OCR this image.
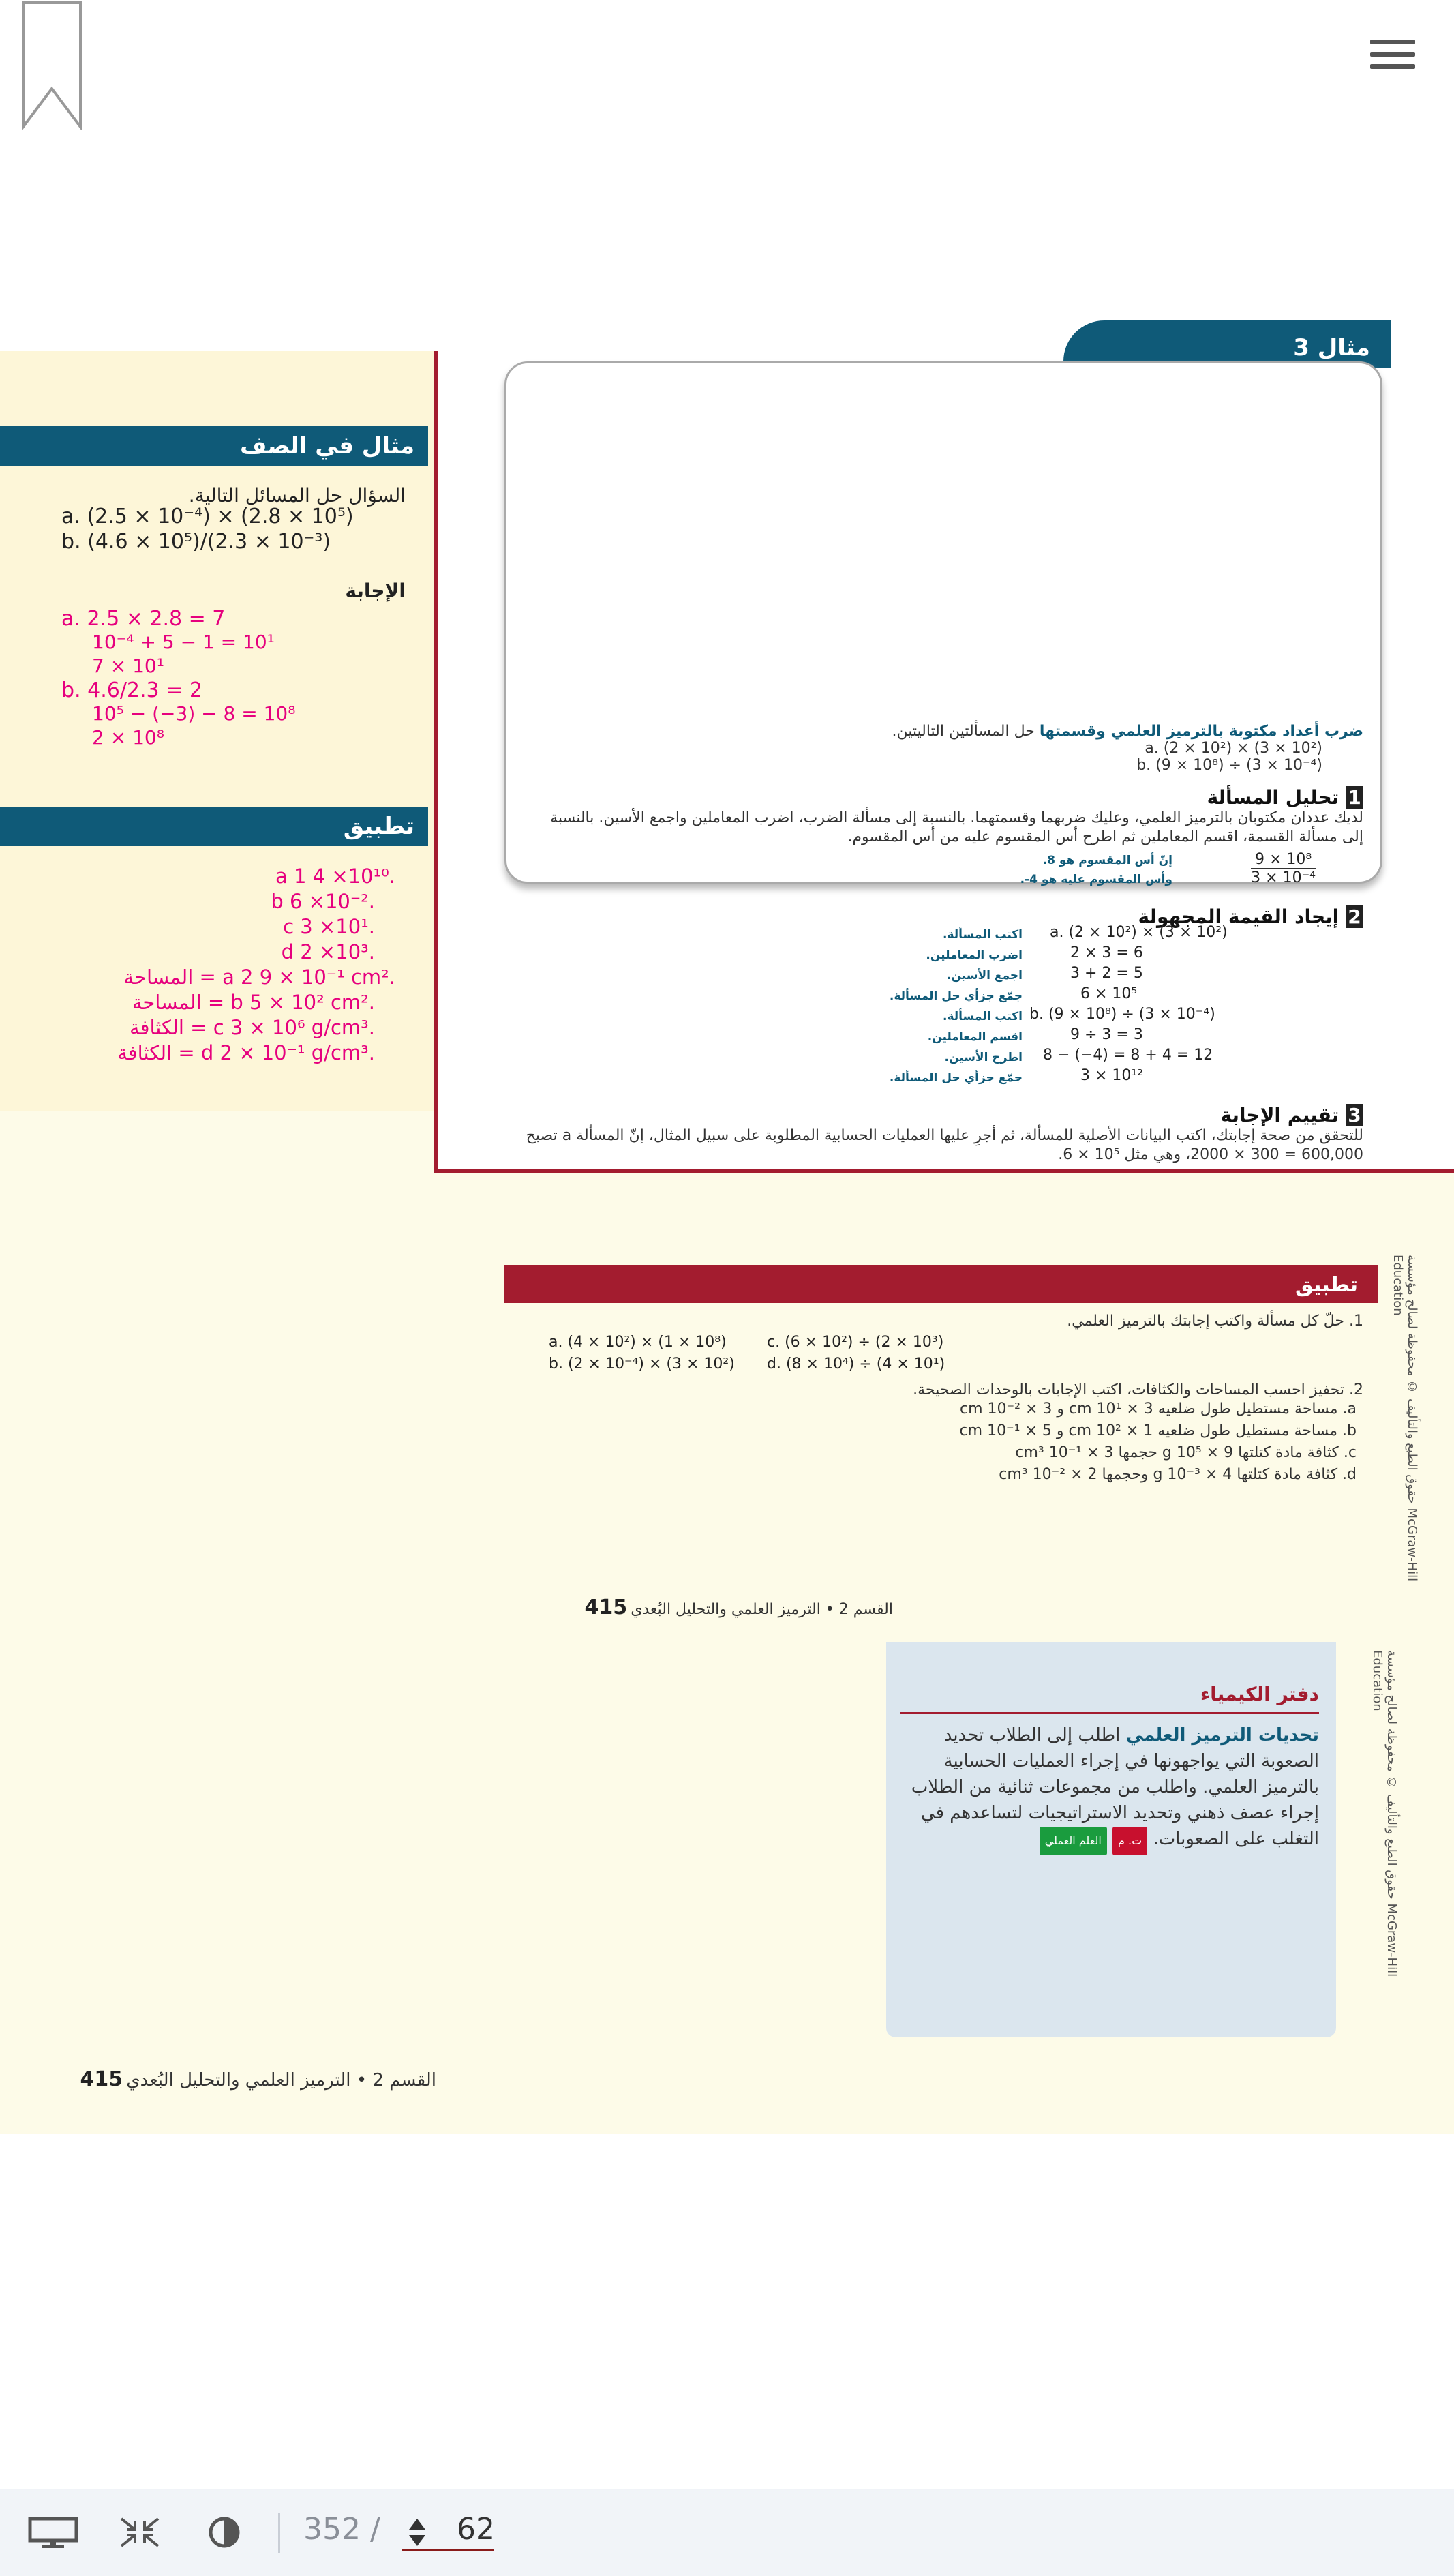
مثال في الصف
السؤال حل المسائل التالية.
a. (2.5 × 10⁻⁴) × (2.8 × 10⁵)
b. (4.6 × 10⁵)/(2.3 × 10⁻³)
الإجابة
a. 2.5 × 2.8 = 7
10⁻⁴ + 5 − 1 = 10¹
7 × 10¹
b. 4.6/2.3 = 2
10⁵ − (−3) − 8 = 10⁸
2 × 10⁸
تطبيق
.a 1 4 ×10¹⁰
.b 6 ×10⁻²
.c 3 ×10¹
.d 2 ×10³
.a 2 9 × 10⁻¹ cm² = المساحة
.b 5 × 10² cm² = المساحة
.c 3 × 10⁶ g/cm³ = الكثافة
.d 2 × 10⁻¹ g/cm³ = الكثافة
مثال 3
ضرب أعداد مكتوبة بالترميز العلمي وقسمتها حل المسألتين التاليتين.
a. (2 × 10²) × (3 × 10²)
b. (9 × 10⁸) ÷ (3 × 10⁻⁴)
1 تحليل المسألة
لديك عددان مكتوبان بالترميز العلمي، وعليك ضربهما وقسمتهما. بالنسبة إلى مسألة الضرب، اضرب المعاملين واجمع الأسين. بالنسبة إلى مسألة القسمة، اقسم المعاملين ثم اطرح أس المقسوم عليه من أس المقسوم.
إنّ أس المقسوم هو 8.
وأس المقسوم عليه هو 4-.
9 × 10⁸
3 × 10⁻⁴
2 إيجاد القيمة المجهولة
اكتب المسألة. a. (2 × 10²) × (3 × 10²)
اضرب المعاملين.	2 × 3 = 6
اجمع الأسين.	3 + 2 = 5
جمّع جزأي حل المسألة.	6 × 10⁵
اكتب المسألة. b. (9 × 10⁸) ÷ (3 × 10⁻⁴)
اقسم المعاملين.	9 ÷ 3 = 3
اطرح الأسين. 8 − (−4) = 8 + 4 = 12
جمّع جزأي حل المسألة.	3 × 10¹²
3 تقييم الإجابة
للتحقق من صحة إجابتك، اكتب البيانات الأصلية للمسألة، ثم أجرِ عليها العمليات الحسابية المطلوبة على سبيل المثال، إنّ المسألة a تصبح 600,000 = 300 × 2000، وهي مثل 10⁵ × 6.
تطبيق
1. حلّ كل مسألة واكتب إجابتك بالترميز العلمي.
a. (4 × 10²) × (1 × 10⁸)	c. (6 × 10²) ÷ (2 × 10³)
b. (2 × 10⁻⁴) × (3 × 10²) d. (8 × 10⁴) ÷ (4 × 10¹)
2. تحفيز احسب المساحات والكثافات، اكتب الإجابات بالوحدات الصحيحة.
a. مساحة مستطيل طول ضلعيه cm 10¹ × 3 و cm 10⁻² × 3
b. مساحة مستطيل طول ضلعيه cm 10² × 1 و cm 10⁻¹ × 5
c. كثافة مادة كتلتها g 10⁵ × 9 حجمها cm³ 10⁻¹ × 3
d. كثافة مادة كتلتها g 10⁻³ × 4 وحجمها cm³ 10⁻² × 2	حقوق الطبع والتأليف © محفوظة لصالح مؤسسة McGraw-Hill Education
القسم 2 • الترميز العلمي والتحليل البُعدي 415
دفتر الكيمياء
تحديات الترميز العلمي اطلب إلى الطلاب تحديد الصعوبة التي يواجهونها في إجراء العمليات الحسابية بالترميز العلمي. واطلب من مجموعات ثنائية من الطلاب إجراء عصف ذهني وتحديد الاستراتيجيات لتساعدهم في التغلب على الصعوبات. ت. م العلم العملي	حقوق الطبع والتأليف © محفوظة لصالح مؤسسة McGraw-Hill Education
القسم 2 • الترميز العلمي والتحليل البُعدي 415
352 /
62
